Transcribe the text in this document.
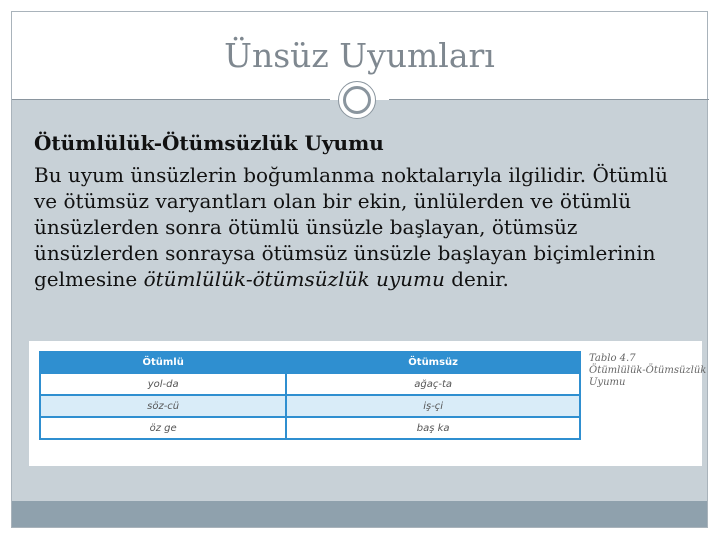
Ünsüz Uyumları
Ötümlülük-Ötümsüzlük Uyumu
Bu uyum ünsüzlerin boğumlanma noktalarıyla ilgilidir. Ötümlü ve ötümsüz varyantları olan bir ekin, ünlülerden ve ötümlü ünsüzlerden sonra ötümlü ünsüzle başlayan, ötümsüz ünsüzlerden sonraysa ötümsüz ünsüzle başlayan biçimlerinin gelmesine ötümlülük-ötümsüzlük uyumu denir.
Ötümlü	Ötümsüz
yol-da	ağaç-ta
söz-cü	iş-çi
öz ge	baş ka
Tablo 4.7
Ötümlülük-Ötümsüzlük
Uyumu
